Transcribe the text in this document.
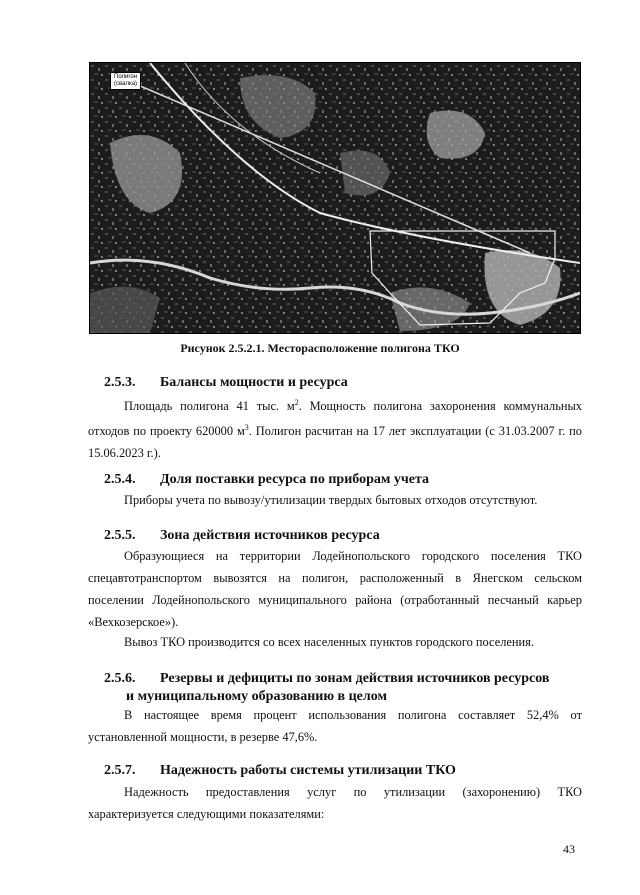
Полигон
(свалка)
Рисунок 2.5.2.1. Месторасположение полигона ТКО
2.5.3. Балансы мощности и ресурса
Площадь полигона 41 тыс. $м^2$. Мощность полигона захоронения коммунальных отходов по проекту 620000 $м^3$. Полигон расчитан на 17 лет эксплуатации (с 31.03.2007 г. по 15.06.2023 г.).
2.5.4. Доля поставки ресурса по приборам учета
Приборы учета по вывозу/утилизации твердых бытовых отходов отсутствуют.
2.5.5. Зона действия источников ресурса
Образующиеся на территории Лодейнопольского городского поселения ТКО спецавтотранспортом вывозятся на полигон, расположенный в Янегском сельском поселении Лодейнопольского муниципального района (отработанный песчаный карьер «Вехкозерское»).
Вывоз ТКО производится со всех населенных пунктов городского поселения.
2.5.6. Резервы и дефициты по зонам действия источников ресурсов
и муниципальному образованию в целом
В настоящее время процент использования полигона составляет 52,4% от установленной мощности, в резерве 47,6%.
2.5.7. Надежность работы системы утилизации ТКО
Надежность предоставления услуг по утилизации (захоронению) ТКО характеризуется следующими показателями:
43
